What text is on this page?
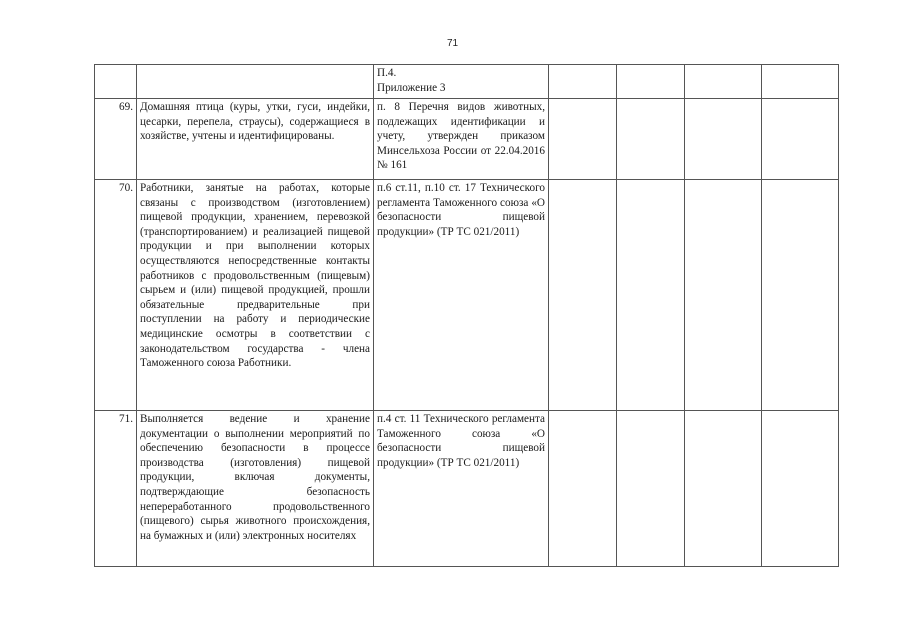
71
		П.4.
Приложение 3				
69.	Домашняя птица (куры, утки, гуси, индейки, цесарки, перепела, страусы), содержащиеся в хозяйстве, учтены и идентифицированы.	п. 8 Перечня видов животных, подлежащих идентификации и учету, утвержден приказом Минсельхоза России от 22.04.2016 № 161				
70.	Работники, занятые на работах, которые связаны с производством (изготовлением) пищевой продукции, хранением, перевозкой (транспортированием) и реализацией пищевой продукции и при выполнении которых осуществляются непосредственные контакты работников с продовольственным (пищевым) сырьем и (или) пищевой продукцией, прошли обязательные предварительные при поступлении на работу и периодические медицинские осмотры в соответствии с законодательством государства - члена Таможенного союза Работники.	п.6 ст.11, п.10 ст. 17 Технического регламента Таможенного союза «О безопасности пищевой продукции» (ТР ТС 021/2011)				
71.	Выполняется ведение и хранение документации о выполнении мероприятий по обеспечению безопасности в процессе производства (изготовления) пищевой продукции, включая документы, подтверждающие безопасность непереработанного продовольственного (пищевого) сырья животного происхождения, на бумажных и (или) электронных носителях	п.4 ст. 11 Технического регламента Таможенного союза «О безопасности пищевой продукции» (ТР ТС 021/2011)				
